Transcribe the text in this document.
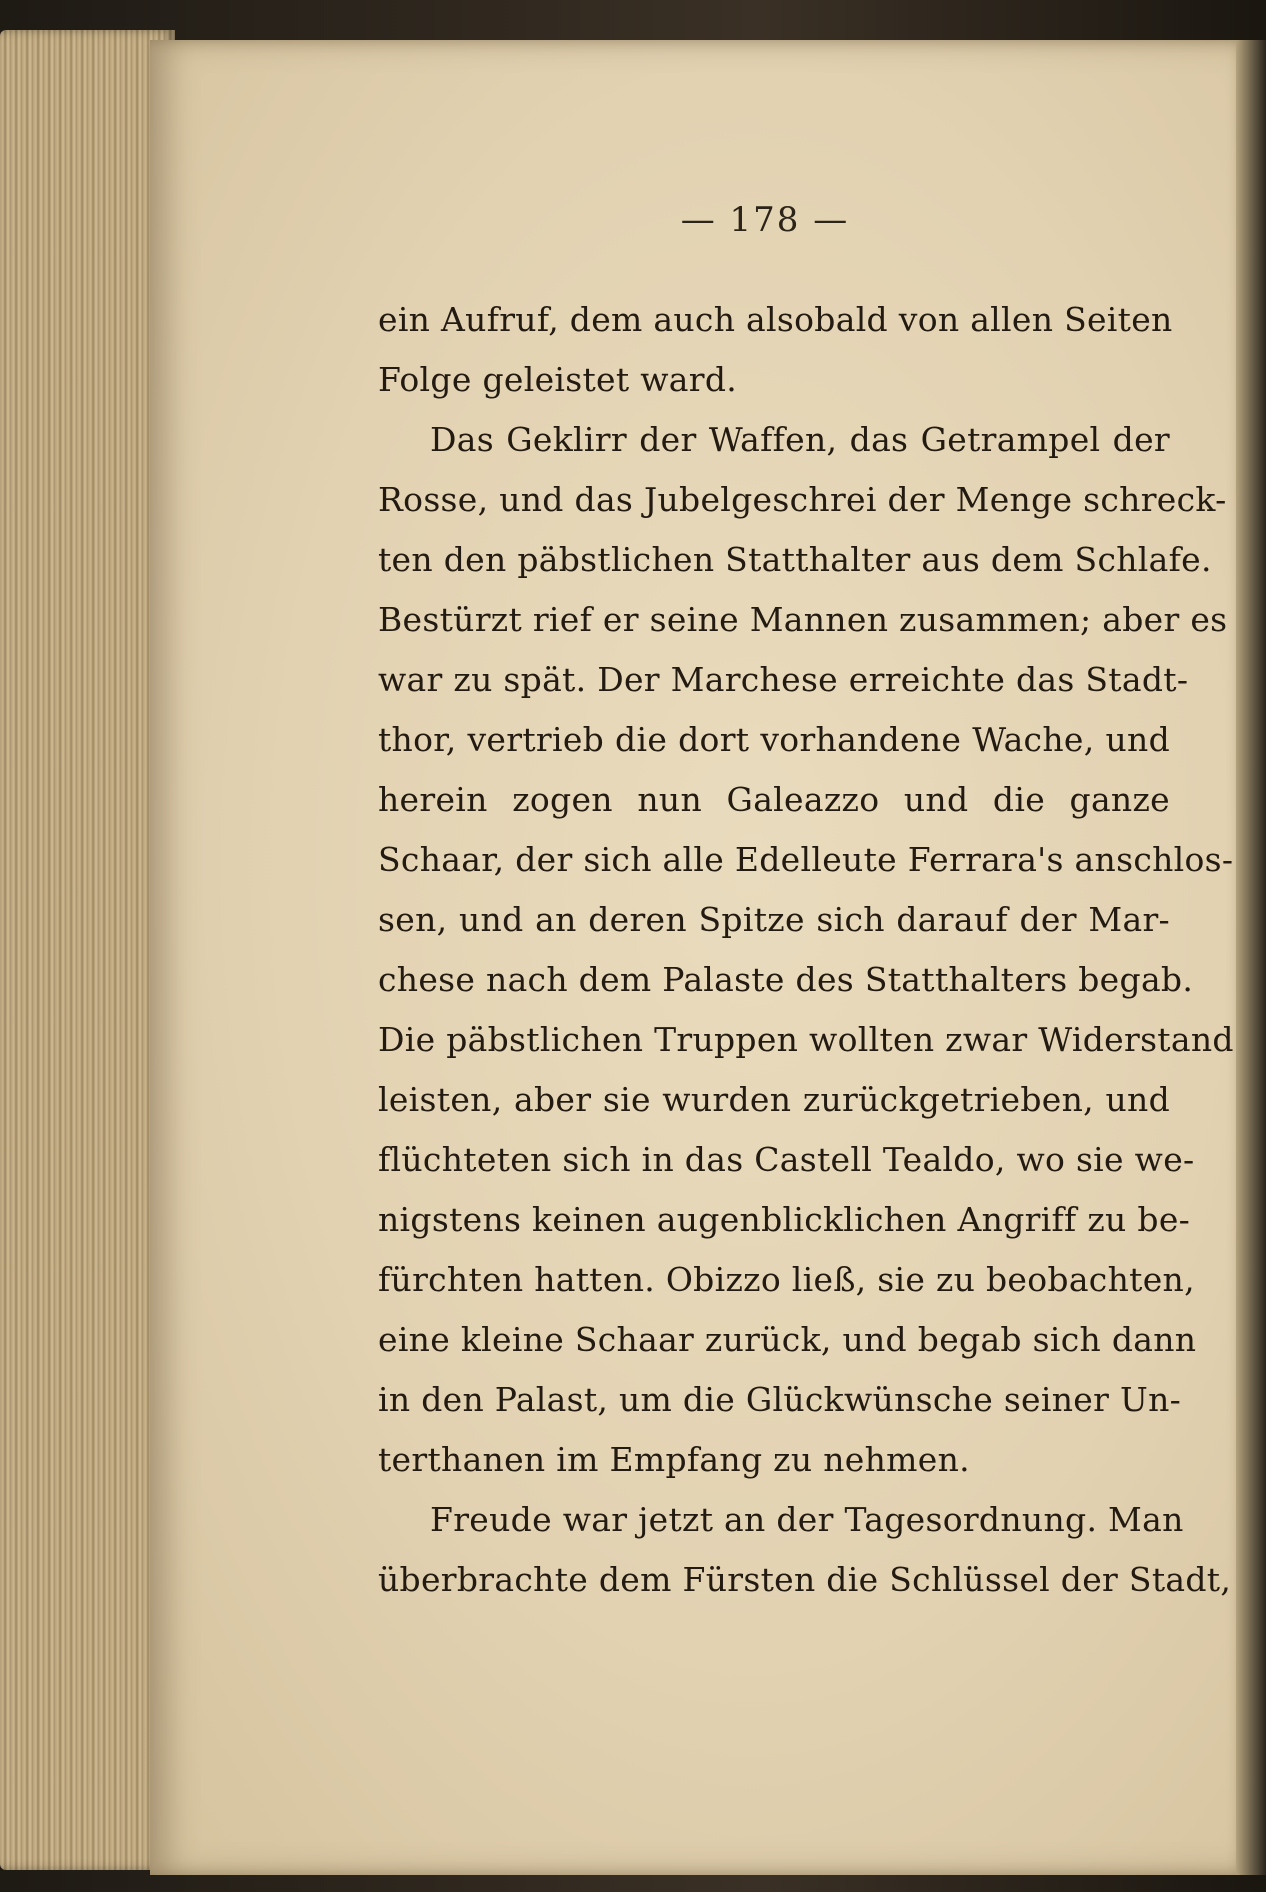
— 178 —
ein Aufruf, dem auch alsobald von allen Seiten
Folge geleistet ward.
Das Geklirr der Waffen, das Getrampel der
Rosse, und das Jubelgeschrei der Menge schreck-
ten den päbstlichen Statthalter aus dem Schlafe.
Bestürzt rief er seine Mannen zusammen; aber es
war zu spät. Der Marchese erreichte das Stadt-
thor, vertrieb die dort vorhandene Wache, und
herein zogen nun Galeazzo und die ganze
Schaar, der sich alle Edelleute Ferrara's anschlos-
sen, und an deren Spitze sich darauf der Mar-
chese nach dem Palaste des Statthalters begab.
Die päbstlichen Truppen wollten zwar Widerstand
leisten, aber sie wurden zurückgetrieben, und
flüchteten sich in das Castell Tealdo, wo sie we-
nigstens keinen augenblicklichen Angriff zu be-
fürchten hatten. Obizzo ließ, sie zu beobachten,
eine kleine Schaar zurück, und begab sich dann
in den Palast, um die Glückwünsche seiner Un-
terthanen im Empfang zu nehmen.
Freude war jetzt an der Tagesordnung. Man
überbrachte dem Fürsten die Schlüssel der Stadt,
